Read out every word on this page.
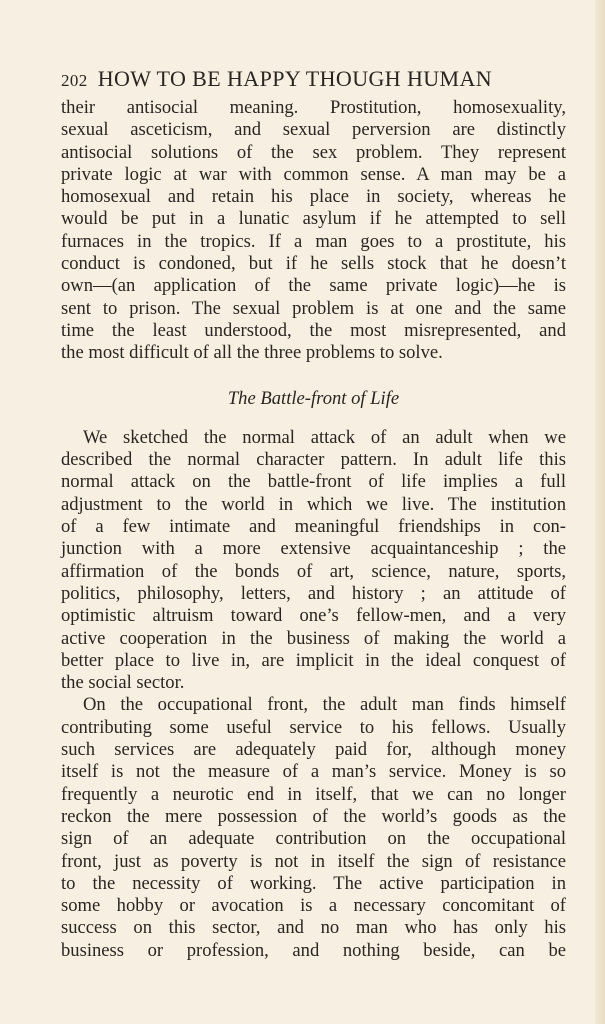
202 HOW TO BE HAPPY THOUGH HUMAN
their antisocial meaning. Prostitution, homosexuality,
sexual asceticism, and sexual perversion are distinctly
antisocial solutions of the sex problem. They represent
private logic at war with common sense. A man may be a
homosexual and retain his place in society, whereas he
would be put in a lunatic asylum if he attempted to sell
furnaces in the tropics. If a man goes to a prostitute, his
conduct is condoned, but if he sells stock that he doesn’t
own—(an application of the same private logic)—he is
sent to prison. The sexual problem is at one and the same
time the least understood, the most misrepresented, and
the most difficult of all the three problems to solve.
The Battle-front of Life
We sketched the normal attack of an adult when we
described the normal character pattern. In adult life this
normal attack on the battle-front of life implies a full
adjustment to the world in which we live. The institution
of a few intimate and meaningful friendships in con-
junction with a more extensive acquaintanceship ; the
affirmation of the bonds of art, science, nature, sports,
politics, philosophy, letters, and history ; an attitude of
optimistic altruism toward one’s fellow-men, and a very
active cooperation in the business of making the world a
better place to live in, are implicit in the ideal conquest of
the social sector.
On the occupational front, the adult man finds himself
contributing some useful service to his fellows. Usually
such services are adequately paid for, although money
itself is not the measure of a man’s service. Money is so
frequently a neurotic end in itself, that we can no longer
reckon the mere possession of the world’s goods as the
sign of an adequate contribution on the occupational
front, just as poverty is not in itself the sign of resistance
to the necessity of working. The active participation in
some hobby or avocation is a necessary concomitant of
success on this sector, and no man who has only his
business or profession, and nothing beside, can be
